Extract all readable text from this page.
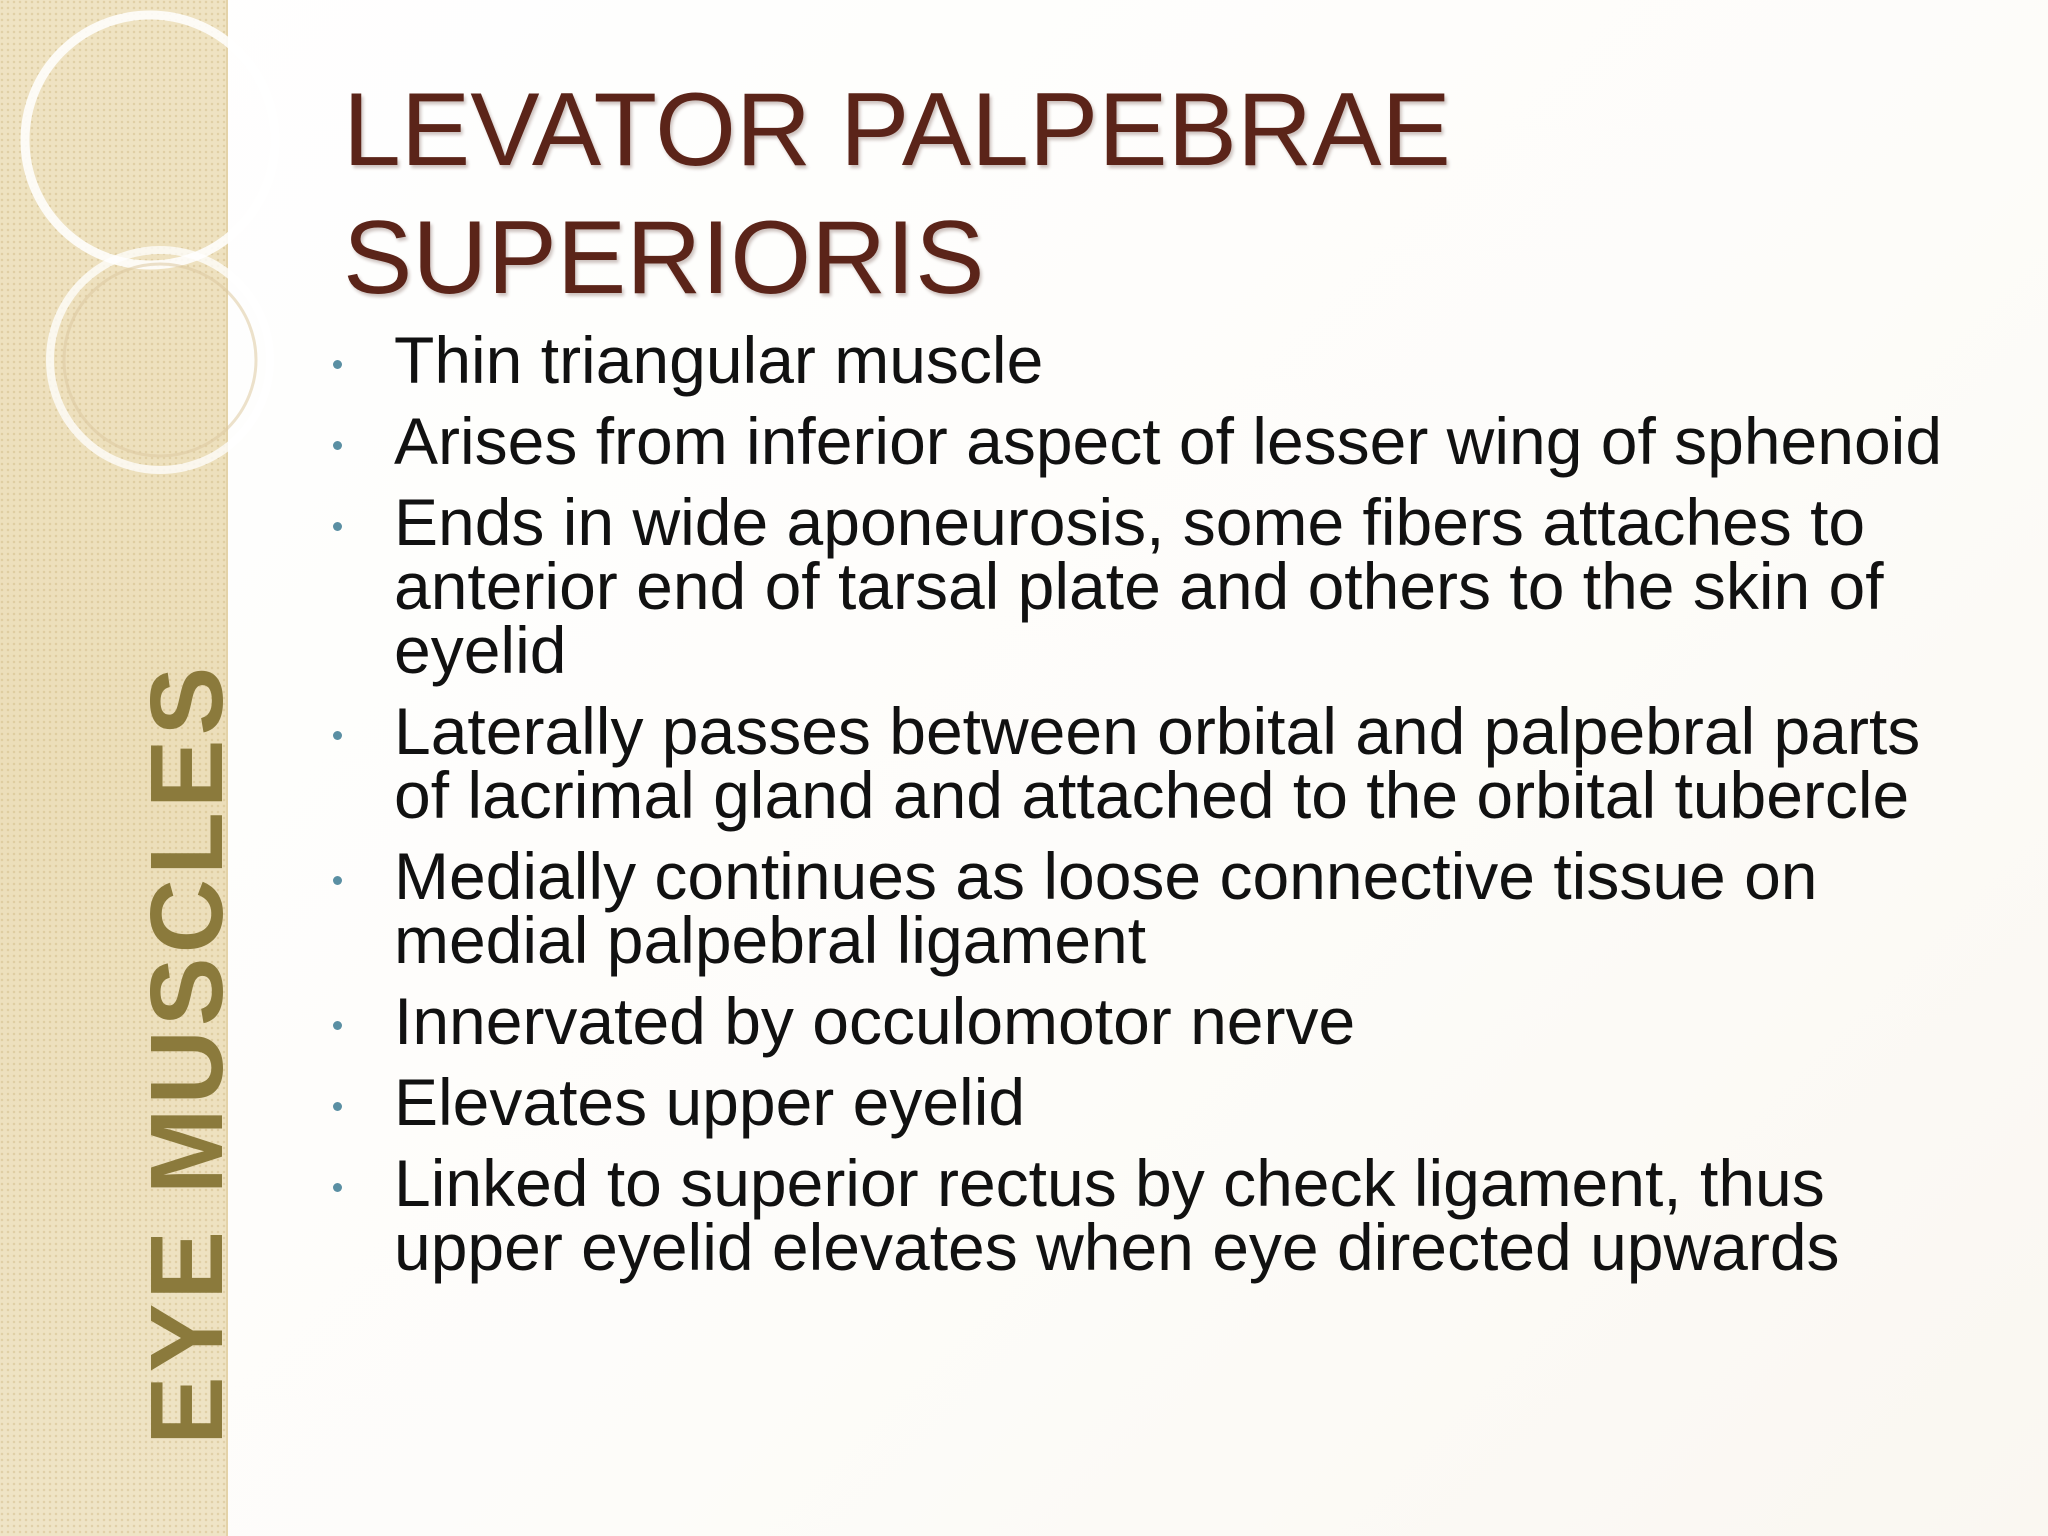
EYE MUSCLES
LEVATOR PALPEBRAE
SUPERIORIS
Thin triangular muscle
Arises from inferior aspect of lesser wing of sphenoid
Ends in wide aponeurosis, some fibers attaches to anterior end of tarsal plate and others to the skin of eyelid
Laterally passes between orbital and palpebral parts of lacrimal gland and attached to the orbital tubercle
Medially continues as loose connective tissue on medial palpebral ligament
Innervated by occulomotor nerve
Elevates upper eyelid
Linked to superior rectus by check ligament, thus upper eyelid elevates when eye directed upwards
